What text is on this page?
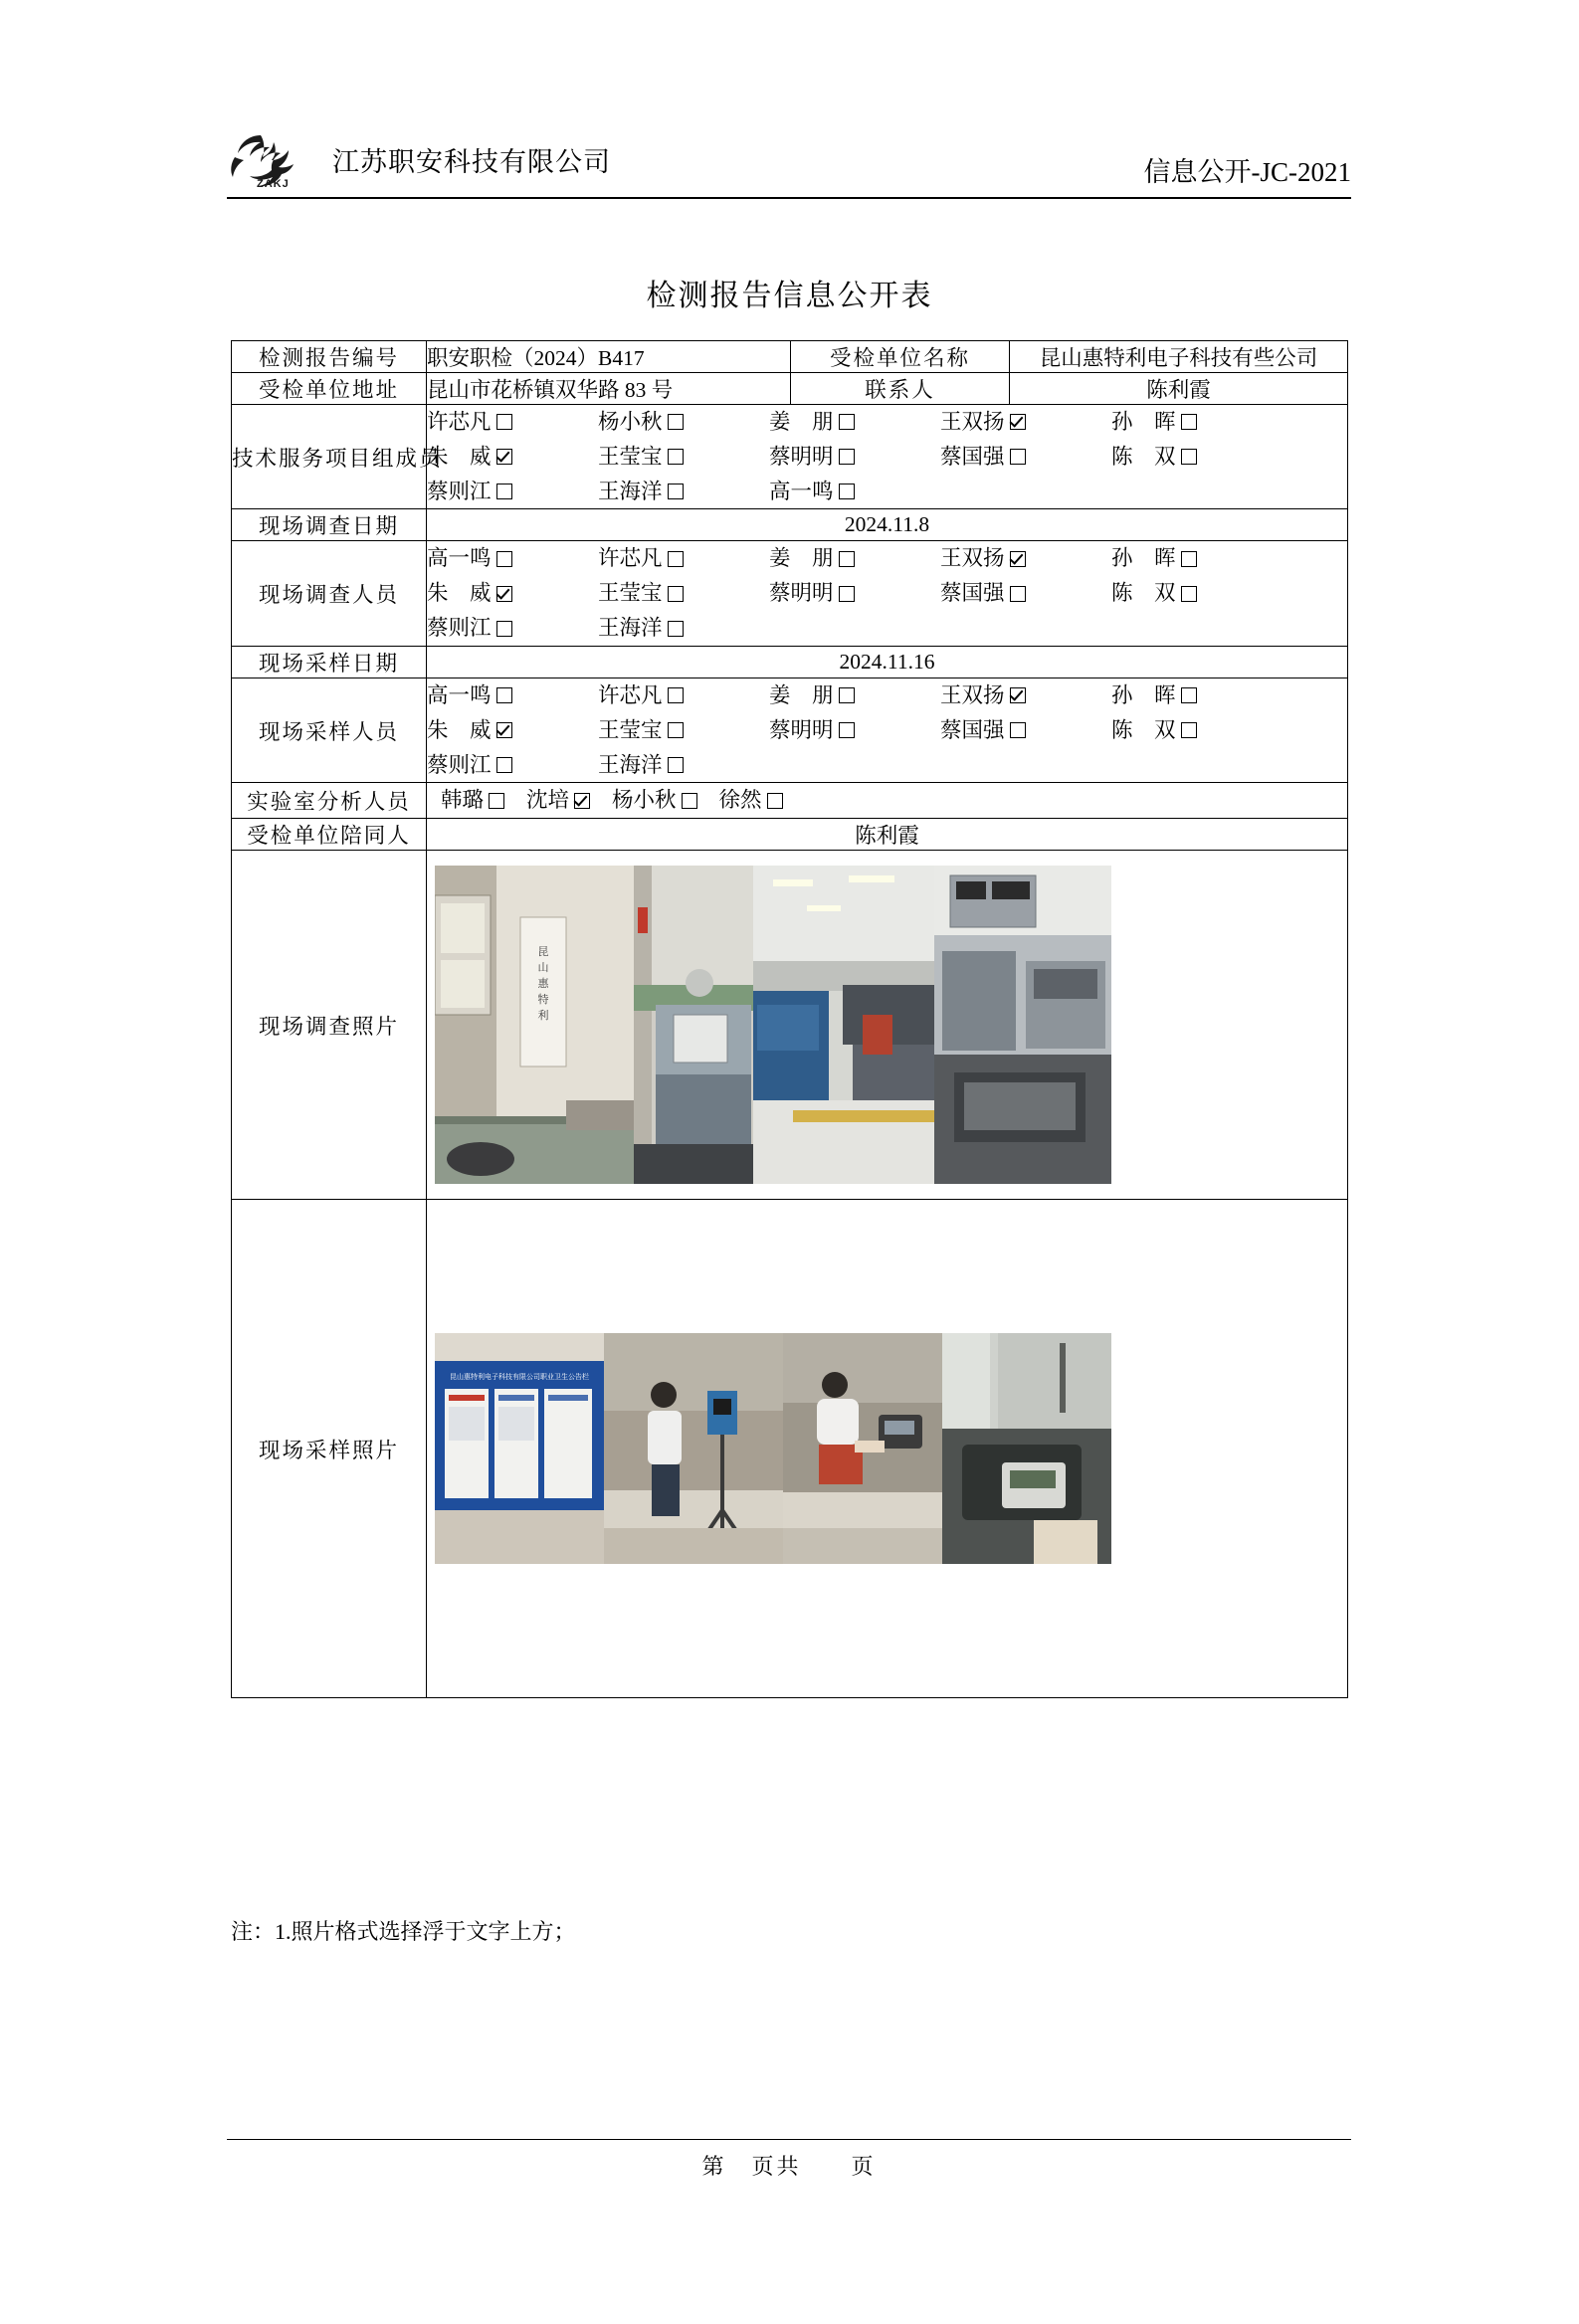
ZAKJ
江苏职安科技有限公司	信息公开-JC-2021
检测报告信息公开表
检测报告编号	职安职检（2024）B417	受检单位名称	昆山惠特利电子科技有些公司
受检单位地址	昆山市花桥镇双华路 83 号	联系人	陈利霞
技术服务项目组成员	
许芯凡	杨小秋	姜　朋	王双扬	孙　晖
朱　威	王莹宝	蔡明明	蔡国强	陈　双
蔡则江	王海洋	高一鸣

现场调查日期	2024.11.8		
现场调查人员	
高一鸣	许芯凡	姜　朋	王双扬	孙　晖
朱　威	王莹宝	蔡明明	蔡国强	陈　双
蔡则江	王海洋

现场采样日期	2024.11.16		
现场采样人员	
高一鸣	许芯凡	姜　朋	王双扬	孙　晖
朱　威	王莹宝	蔡明明	蔡国强	陈　双
蔡则江	王海洋

实验室分析人员	韩璐 沈培 杨小秋 徐然		

受检单位陪同人	陈利霞		
现场调查照片	昆
山
惠
特
利		

现场采样照片	昆山惠特利电子科技有限公司职业卫生公告栏		
注：1.照片格式选择浮于文字上方；
第　页共　　页
